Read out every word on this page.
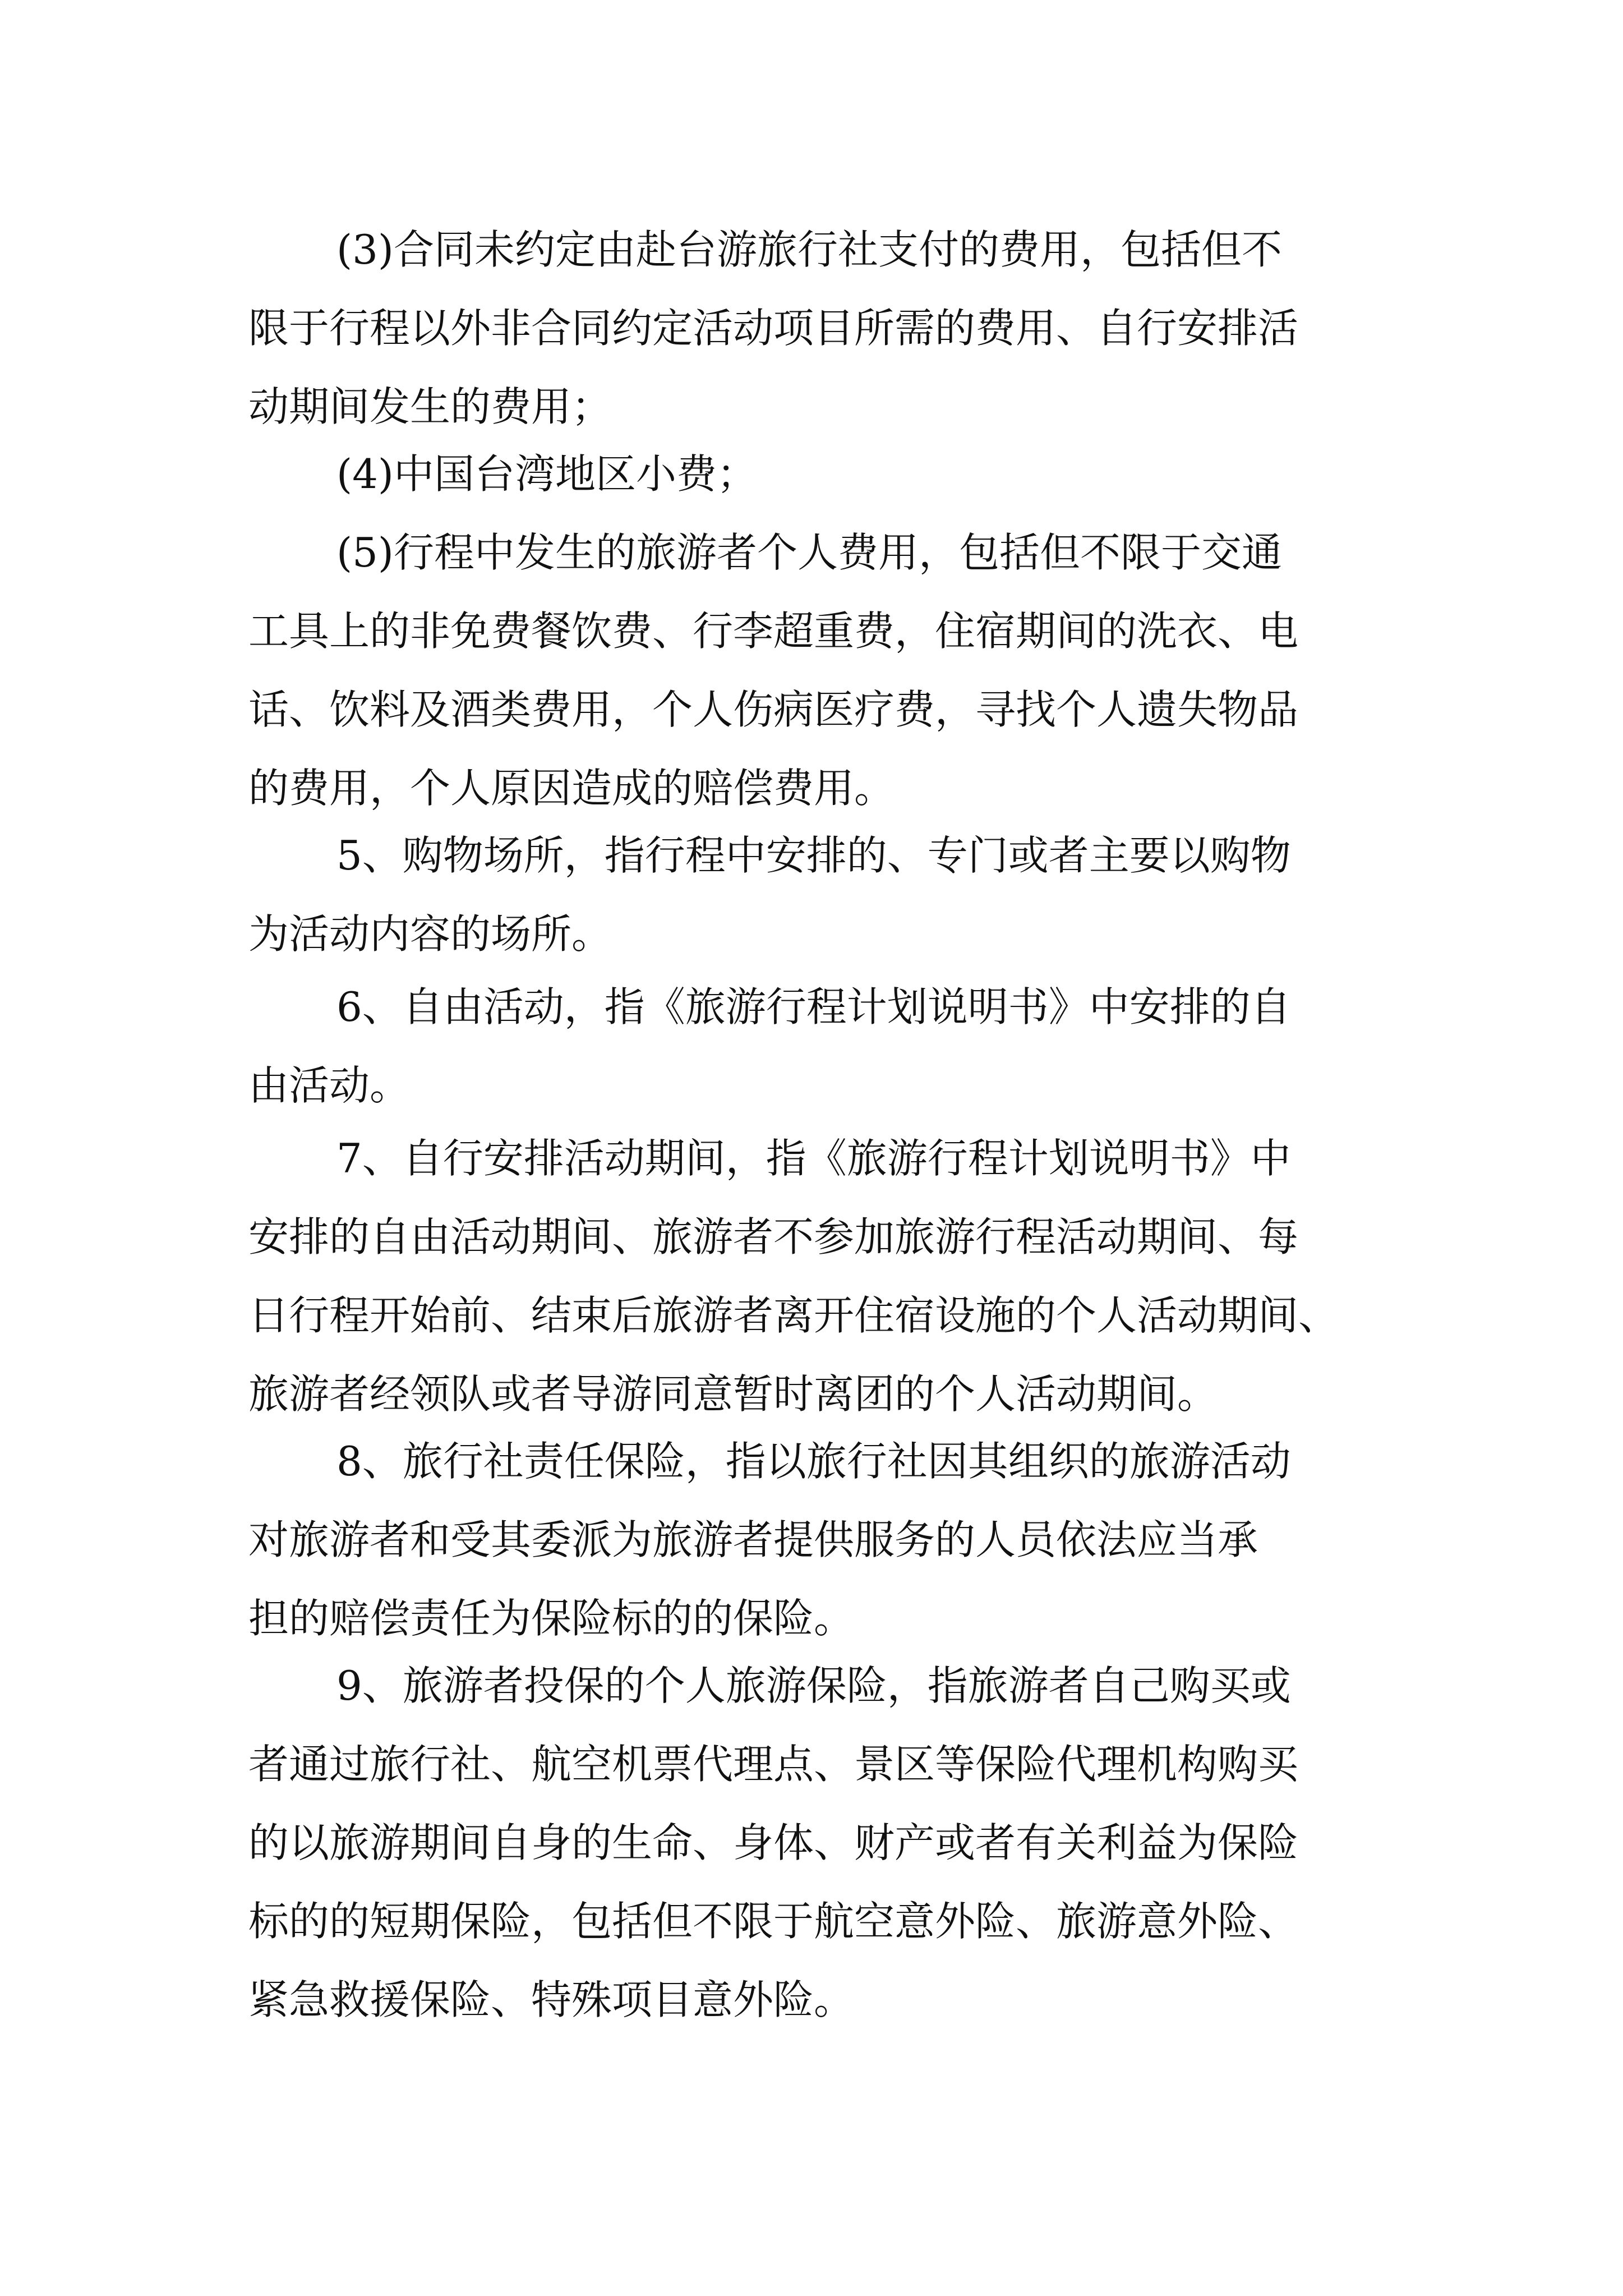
(3)合同未约定由赴台游旅行社支付的费用，包括但不
限于行程以外非合同约定活动项目所需的费用、自行安排活
动期间发生的费用；
(4)中国台湾地区小费；
(5)行程中发生的旅游者个人费用，包括但不限于交通
工具上的非免费餐饮费、行李超重费，住宿期间的洗衣、电
话、饮料及酒类费用，个人伤病医疗费，寻找个人遗失物品
的费用，个人原因造成的赔偿费用。
5、购物场所，指行程中安排的、专门或者主要以购物
为活动内容的场所。
6、自由活动，指《旅游行程计划说明书》中安排的自
由活动。
7、自行安排活动期间，指《旅游行程计划说明书》中
安排的自由活动期间、旅游者不参加旅游行程活动期间、每
日行程开始前、结束后旅游者离开住宿设施的个人活动期间、
旅游者经领队或者导游同意暂时离团的个人活动期间。
8、旅行社责任保险，指以旅行社因其组织的旅游活动
对旅游者和受其委派为旅游者提供服务的人员依法应当承
担的赔偿责任为保险标的的保险。
9、旅游者投保的个人旅游保险，指旅游者自己购买或
者通过旅行社、航空机票代理点、景区等保险代理机构购买
的以旅游期间自身的生命、身体、财产或者有关利益为保险
标的的短期保险，包括但不限于航空意外险、旅游意外险、
紧急救援保险、特殊项目意外险。
